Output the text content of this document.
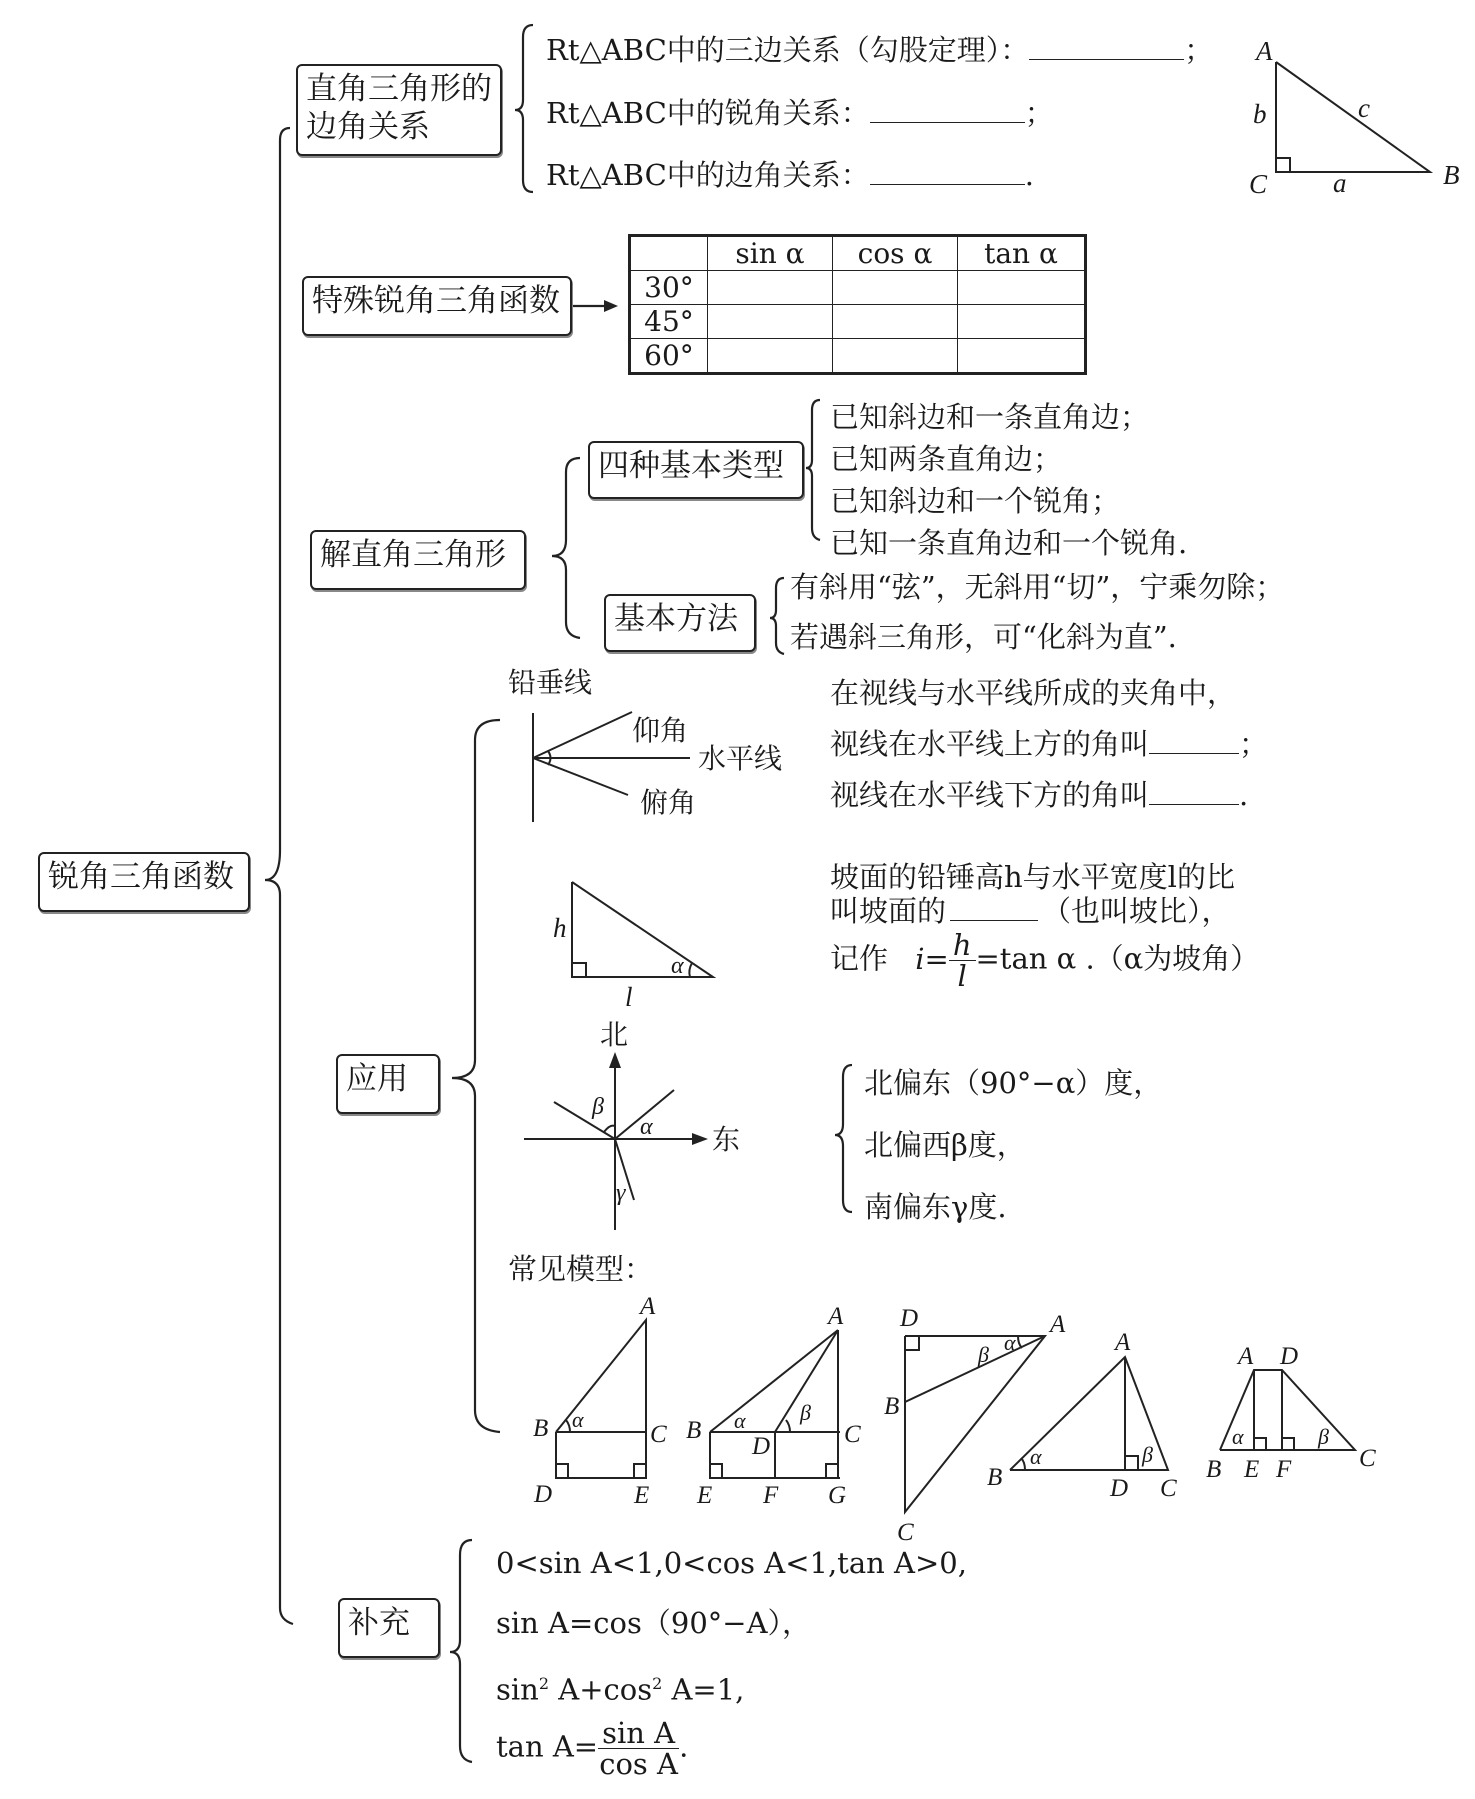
A
b	c
C a	B
铅垂线
仰角
水平线
俯角
h
l
α
北
东
β
α
γ
A
B α
C
D	E
A
B α β
D	C
E F G
D	A
β α
B
C
A
B
α	β
D C
A D
α	β
B E F	C
锐角三角函数
直角三角形的
边角关系
Rt△ABC中的三边关系（勾股定理）：	；
Rt△ABC中的锐角关系：	；
Rt△ABC中的边角关系：	.
特殊锐角三角函数
	sin α	cos α	tan α
30°			
45°			
60°			
解直角三角形
四种基本类型
已知斜边和一条直角边；
已知两条直角边；
已知斜边和一个锐角；
已知一条直角边和一个锐角.
基本方法
有斜用“弦”，无斜用“切”，宁乘勿除；
若遇斜三角形，可“化斜为直”.
应用
在视线与水平线所成的夹角中，
视线在水平线上方的角叫	；
视线在水平线下方的角叫	.
坡面的铅锤高h与水平宽度l的比
叫坡面的	（也叫坡比），
记作 $i= \frac{h}{l} =\tan$ α .（α为坡角）
北偏东（90°−α）度，
北偏西β度，
南偏东γ度.
常见模型：
补充
0<sin A<1,0<cos A<1,tan A>0,
sin A=cos（90°−A），
$\sin^2 A+\cos^2$ A=1,
$\tan A= \frac{\text{sin A}}{\text{cos A}}$ .
